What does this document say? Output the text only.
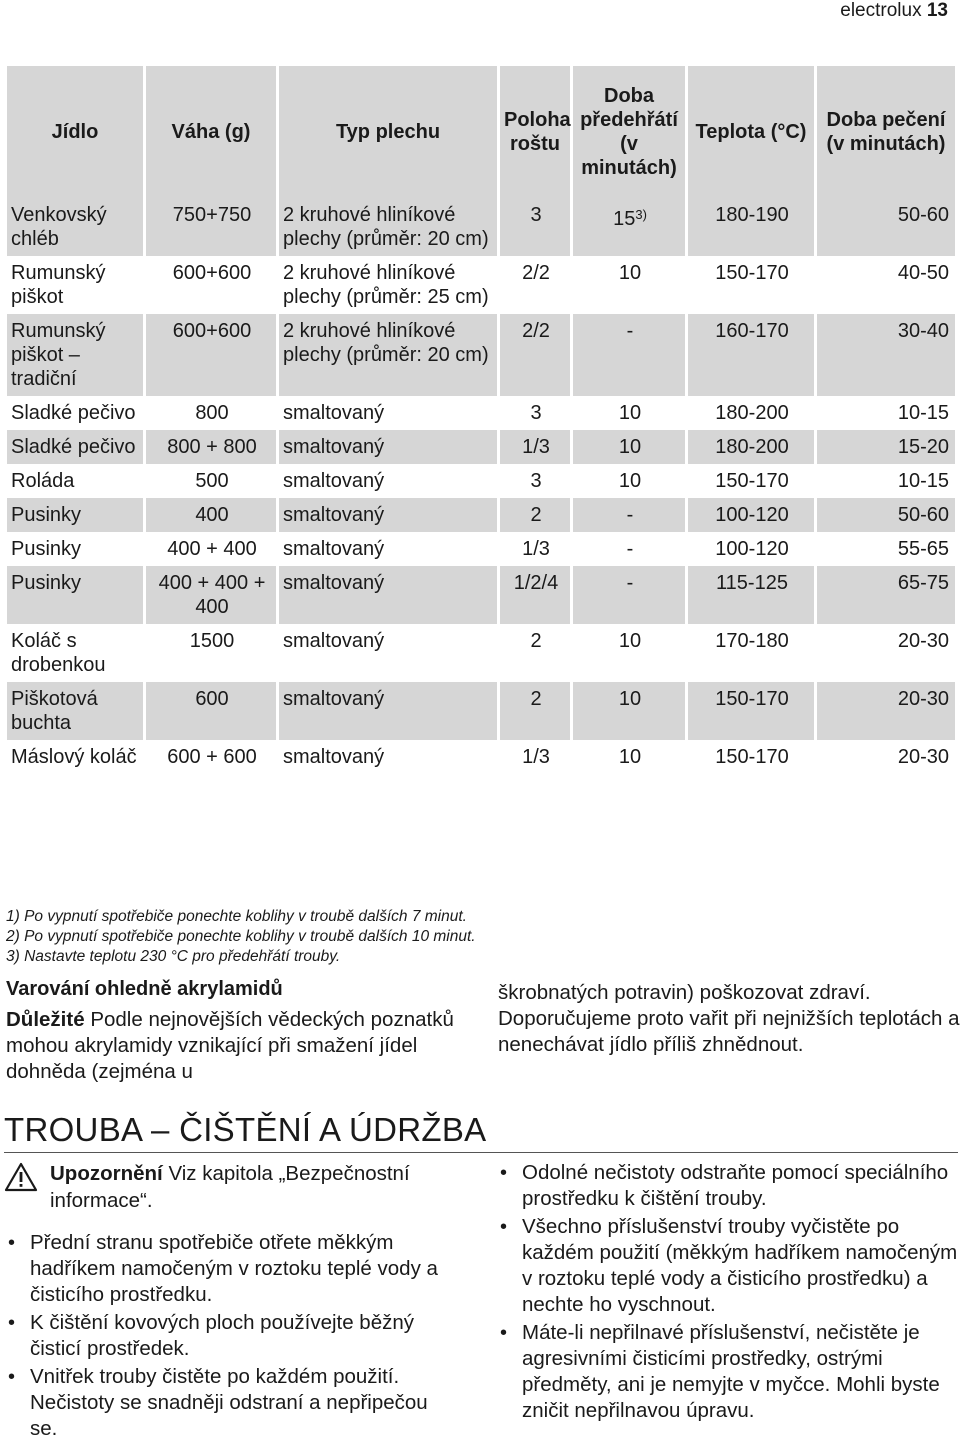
electrolux 13
Jídlo	Váha (g)	Typ plechu	Poloha roštu	Doba předehřátí (v minutách)	Teplota (°C)	Doba pečení (v minutách)
Venkovský chléb	750+750	2 kruhové hliníkové plechy (průměr: 20 cm)	3	15$^{3)}$	180-190	50-60
Rumunský piškot	600+600	2 kruhové hliníkové plechy (průměr: 25 cm)	2/2	10	150-170	40-50
Rumunský piškot – tradiční	600+600	2 kruhové hliníkové plechy (průměr: 20 cm)	2/2	-	160-170	30-40
Sladké pečivo	800	smaltovaný	3	10	180-200	10-15
Sladké pečivo	800 + 800	smaltovaný	1/3	10	180-200	15-20
Roláda	500	smaltovaný	3	10	150-170	10-15
Pusinky	400	smaltovaný	2	-	100-120	50-60
Pusinky	400 + 400	smaltovaný	1/3	-	100-120	55-65
Pusinky	400 + 400 + 400	smaltovaný	1/2/4	-	115-125	65-75
Koláč s drobenkou	1500	smaltovaný	2	10	170-180	20-30
Piškotová buchta	600	smaltovaný	2	10	150-170	20-30
Máslový koláč	600 + 600	smaltovaný	1/3	10	150-170	20-30
1) Po vypnutí spotřebiče ponechte koblihy v troubě dalších 7 minut.
2) Po vypnutí spotřebiče ponechte koblihy v troubě dalších 10 minut.
3) Nastavte teplotu 230 °C pro předehřátí trouby.
Varování ohledně akrylamidů
Důležité Podle nejnovějších vědeckých poznatků mohou akrylamidy vznikající při smažení jídel dohněda (zejména u
škrobnatých potravin) poškozovat zdraví. Doporučujeme proto vařit při nejnižších teplotách a nenechávat jídlo příliš zhnědnout.
TROUBA – ČIŠTĚNÍ A ÚDRŽBA
Upozornění Viz kapitola „Bezpečnostní informace“.
• Přední stranu spotřebiče otřete měkkým hadříkem namočeným v roztoku teplé vody a čisticího prostředku.
• K čištění kovových ploch používejte běžný čisticí prostředek.
• Vnitřek trouby čistěte po každém použití. Nečistoty se snadněji odstraní a nepřipečou se.
• Odolné nečistoty odstraňte pomocí speciálního prostředku k čištění trouby.
• Všechno příslušenství trouby vyčistěte po každém použití (měkkým hadříkem namočeným v roztoku teplé vody a čisticího prostředku) a nechte ho vyschnout.
• Máte-li nepřilnavé příslušenství, nečistěte je agresivními čisticími prostředky, ostrými předměty, ani je nemyjte v myčce. Mohli byste zničit nepřilnavou úpravu.
